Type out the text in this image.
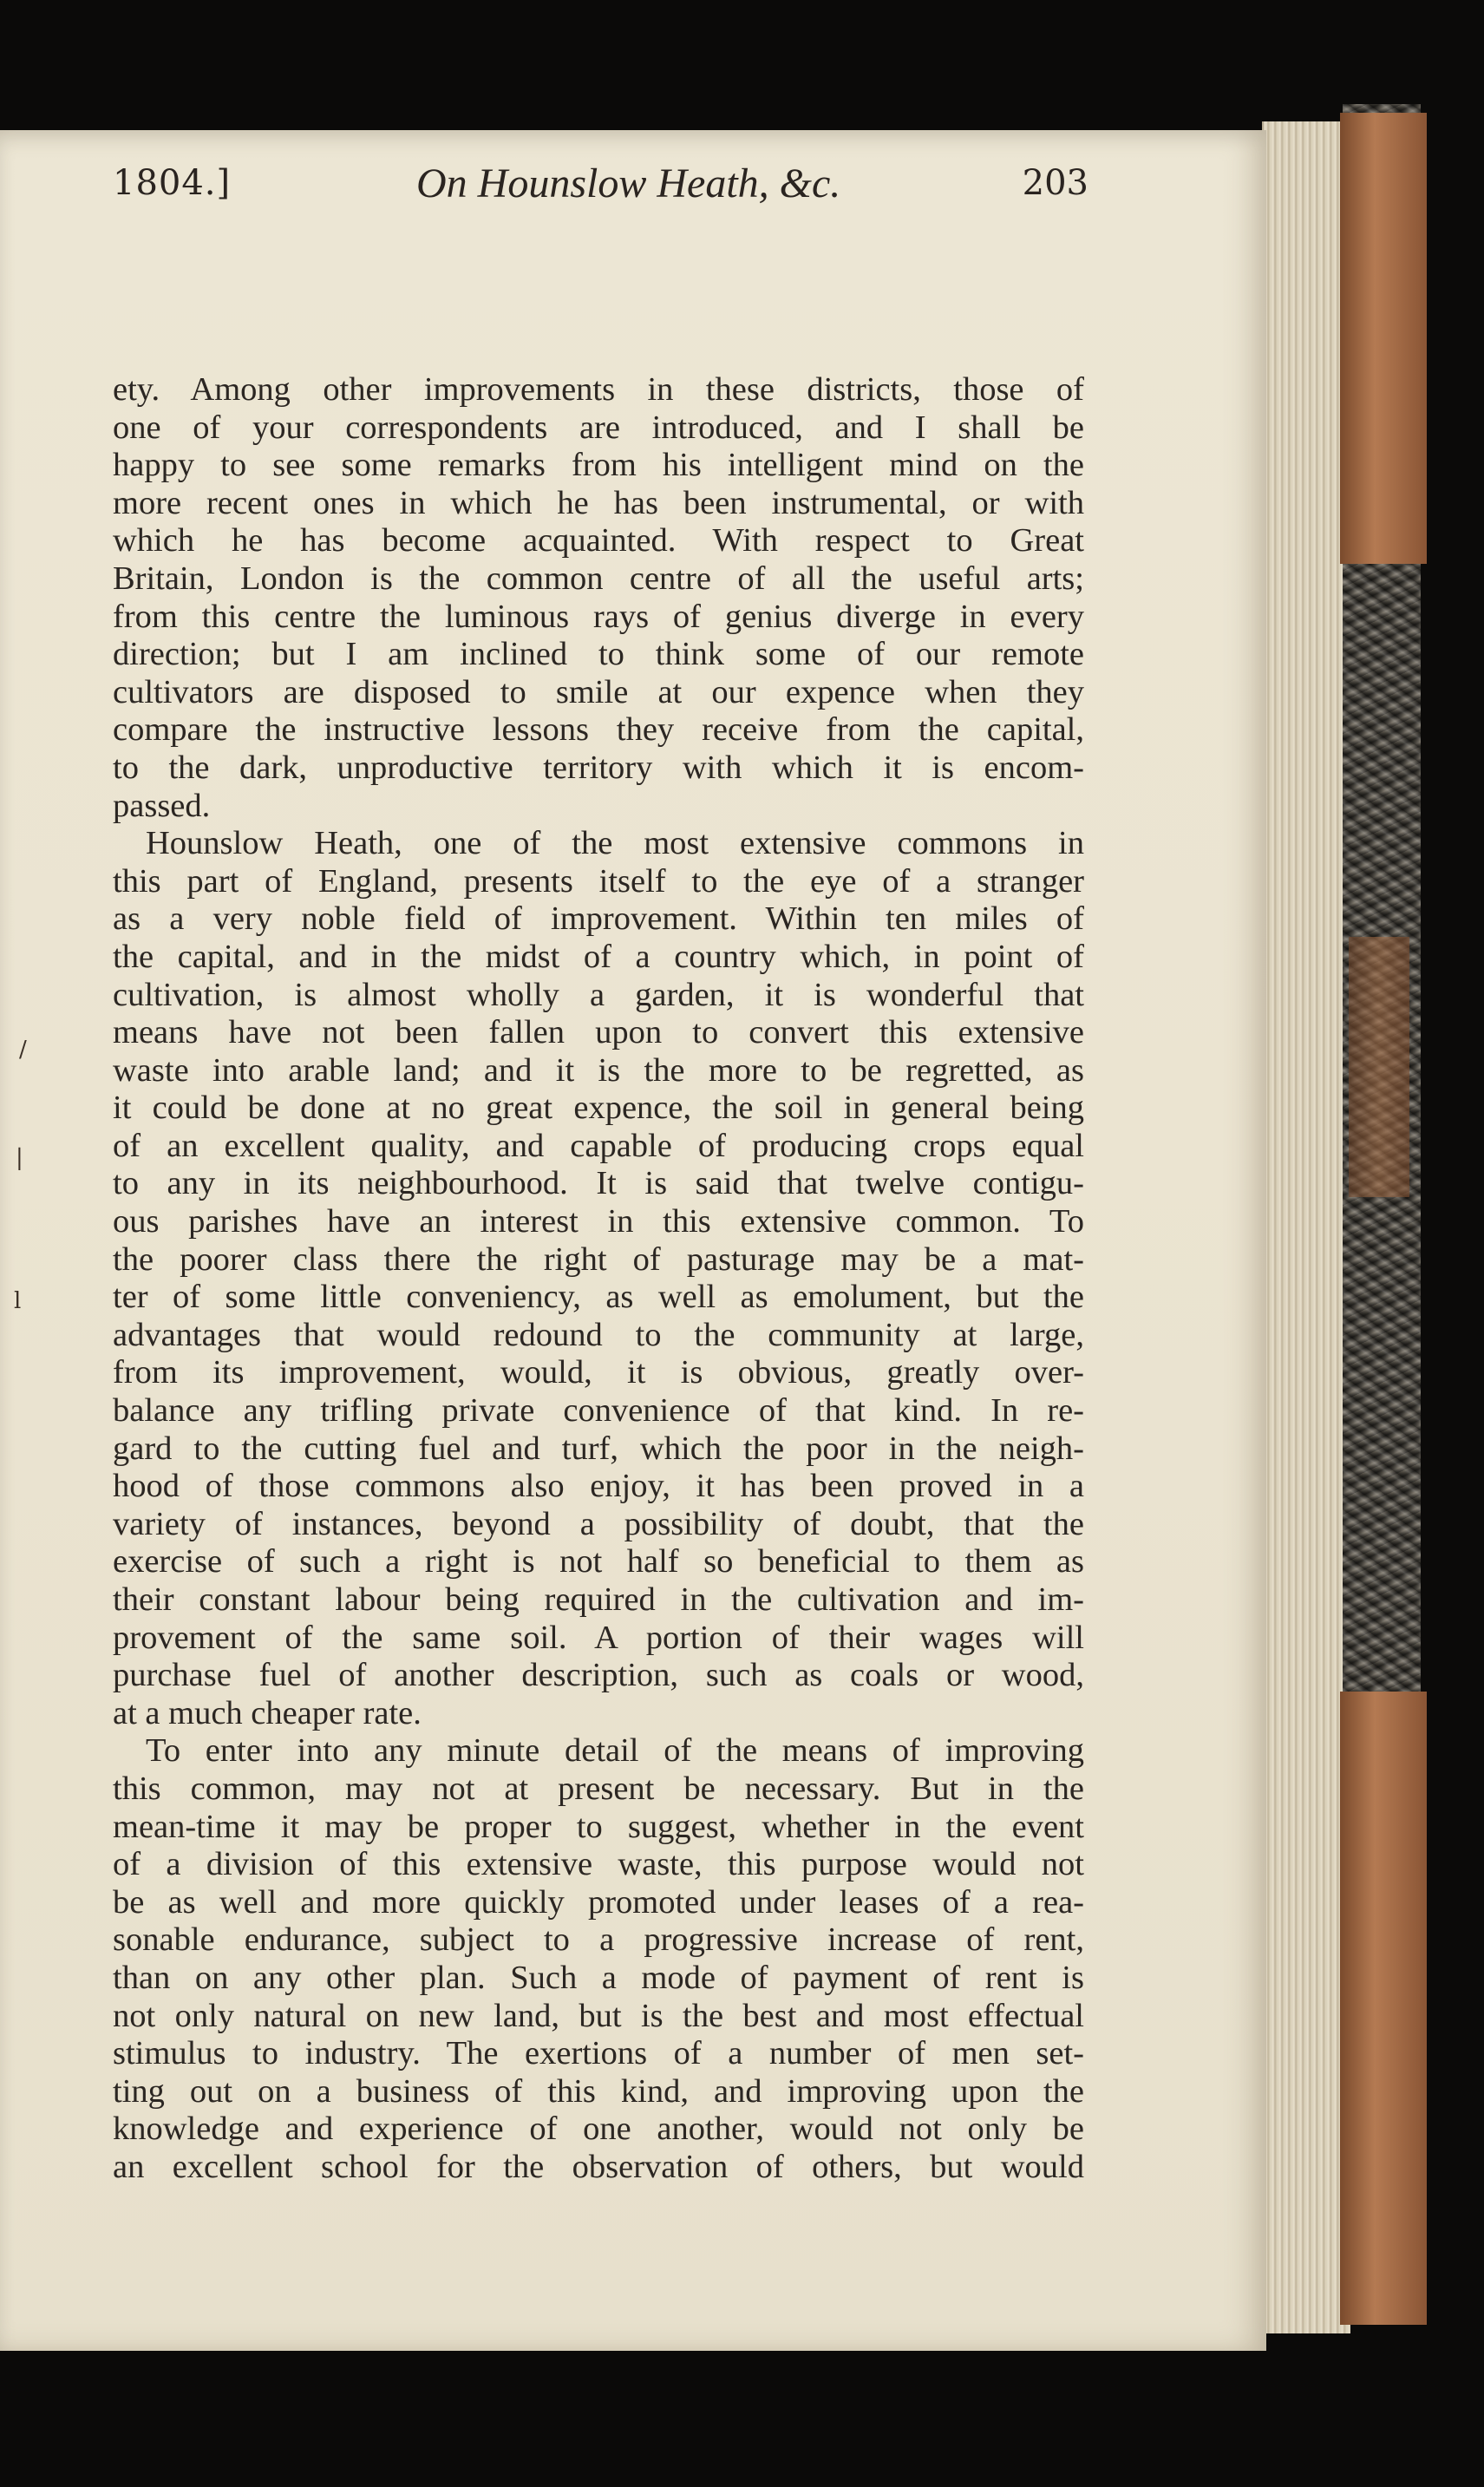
1804.]	On Hounslow Heath, &c.	203
/
|
l
ety. Among other improvements in these districts, those of
one of your correspondents are introduced, and I shall be
happy to see some remarks from his intelligent mind on the
more recent ones in which he has been instrumental, or with
which he has become acquainted. With respect to Great
Britain, London is the common centre of all the useful arts;
from this centre the luminous rays of genius diverge in every
direction; but I am inclined to think some of our remote
cultivators are disposed to smile at our expence when they
compare the instructive lessons they receive from the capital,
to the dark, unproductive territory with which it is encom-
passed.
Hounslow Heath, one of the most extensive commons in
this part of England, presents itself to the eye of a stranger
as a very noble field of improvement. Within ten miles of
the capital, and in the midst of a country which, in point of
cultivation, is almost wholly a garden, it is wonderful that
means have not been fallen upon to convert this extensive
waste into arable land; and it is the more to be regretted, as
it could be done at no great expence, the soil in general being
of an excellent quality, and capable of producing crops equal
to any in its neighbourhood. It is said that twelve contigu-
ous parishes have an interest in this extensive common. To
the poorer class there the right of pasturage may be a mat-
ter of some little conveniency, as well as emolument, but the
advantages that would redound to the community at large,
from its improvement, would, it is obvious, greatly over-
balance any trifling private convenience of that kind. In re-
gard to the cutting fuel and turf, which the poor in the neigh-
hood of those commons also enjoy, it has been proved in a
variety of instances, beyond a possibility of doubt, that the
exercise of such a right is not half so beneficial to them as
their constant labour being required in the cultivation and im-
provement of the same soil. A portion of their wages will
purchase fuel of another description, such as coals or wood,
at a much cheaper rate.
To enter into any minute detail of the means of improving
this common, may not at present be necessary. But in the
mean-time it may be proper to suggest, whether in the event
of a division of this extensive waste, this purpose would not
be as well and more quickly promoted under leases of a rea-
sonable endurance, subject to a progressive increase of rent,
than on any other plan. Such a mode of payment of rent is
not only natural on new land, but is the best and most effectual
stimulus to industry. The exertions of a number of men set-
ting out on a business of this kind, and improving upon the
knowledge and experience of one another, would not only be
an excellent school for the observation of others, but would
